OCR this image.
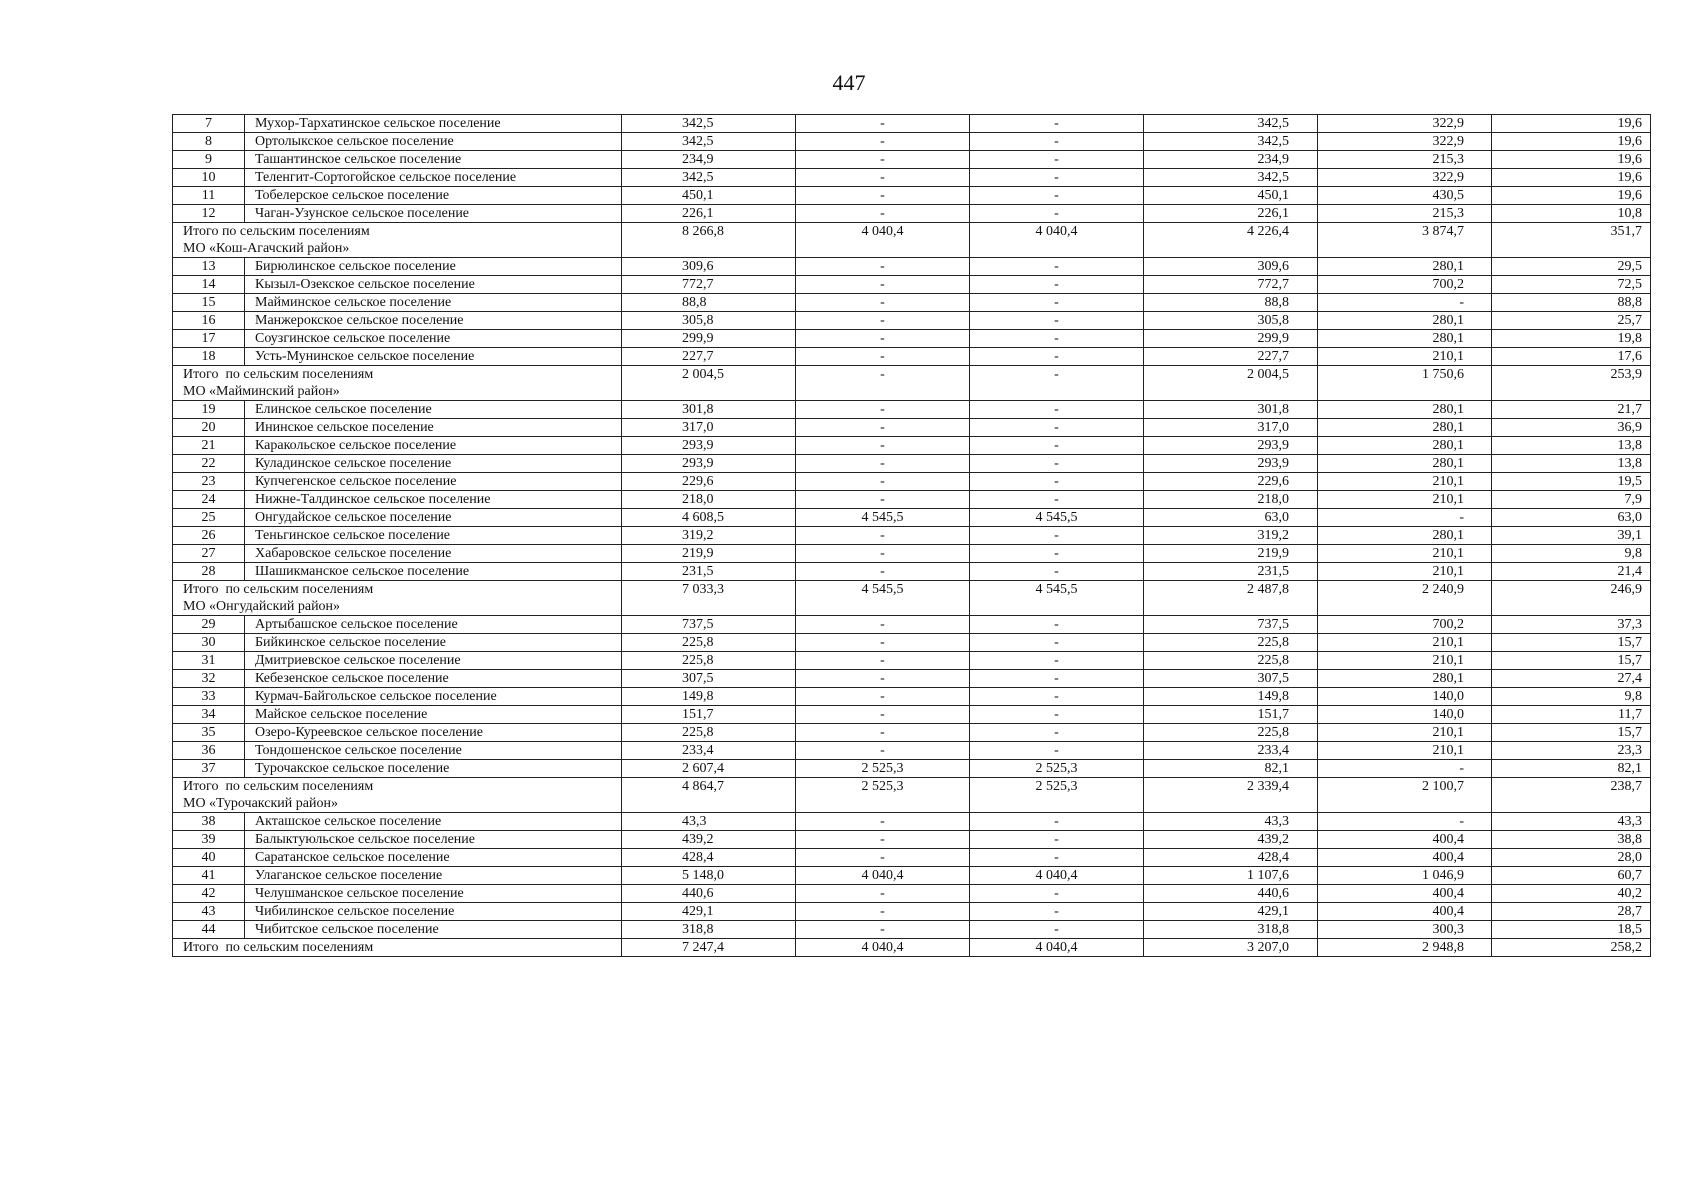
447
7	Мухор-Тархатинское сельское поселение	342,5	-	-	342,5	322,9	19,6
8	Ортолыкское сельское поселение	342,5	-	-	342,5	322,9	19,6
9	Ташантинское сельское поселение	234,9	-	-	234,9	215,3	19,6
10	Теленгит-Сортогойское сельское поселение	342,5	-	-	342,5	322,9	19,6
11	Тобелерское сельское поселение	450,1	-	-	450,1	430,5	19,6
12	Чаган-Узунское сельское поселение	226,1	-	-	226,1	215,3	10,8

Итого по сельским поселениям
МО «Кош-Агачский район»		8 266,8	4 040,4	4 040,4	4 226,4	3 874,7	351,7
13	Бирюлинское сельское поселение	309,6	-	-	309,6	280,1	29,5
14	Кызыл-Озекское сельское поселение	772,7	-	-	772,7	700,2	72,5
15	Майминское сельское поселение	88,8	-	-	88,8	-	88,8
16	Манжерокское сельское поселение	305,8	-	-	305,8	280,1	25,7
17	Соузгинское сельское поселение	299,9	-	-	299,9	280,1	19,8
18	Усть-Мунинское сельское поселение	227,7	-	-	227,7	210,1	17,6

Итого  по сельским поселениям
МО «Майминский район»		2 004,5	-	-	2 004,5	1 750,6	253,9
19	Елинское сельское поселение	301,8	-	-	301,8	280,1	21,7
20	Ининское сельское поселение	317,0	-	-	317,0	280,1	36,9
21	Каракольское сельское поселение	293,9	-	-	293,9	280,1	13,8
22	Куладинское сельское поселение	293,9	-	-	293,9	280,1	13,8
23	Купчегенское сельское поселение	229,6	-	-	229,6	210,1	19,5
24	Нижне-Талдинское сельское поселение	218,0	-	-	218,0	210,1	7,9
25	Онгудайское сельское поселение	4 608,5	4 545,5	4 545,5	63,0	-	63,0
26	Теньгинское сельское поселение	319,2	-	-	319,2	280,1	39,1
27	Хабаровское сельское поселение	219,9	-	-	219,9	210,1	9,8
28	Шашикманское сельское поселение	231,5	-	-	231,5	210,1	21,4

Итого  по сельским поселениям
МО «Онгудайский район»		7 033,3	4 545,5	4 545,5	2 487,8	2 240,9	246,9
29	Артыбашское сельское поселение	737,5	-	-	737,5	700,2	37,3
30	Бийкинское сельское поселение	225,8	-	-	225,8	210,1	15,7
31	Дмитриевское сельское поселение	225,8	-	-	225,8	210,1	15,7
32	Кебезенское сельское поселение	307,5	-	-	307,5	280,1	27,4
33	Курмач-Байгольское сельское поселение	149,8	-	-	149,8	140,0	9,8
34	Майское сельское поселение	151,7	-	-	151,7	140,0	11,7
35	Озеро-Куреевское сельское поселение	225,8	-	-	225,8	210,1	15,7
36	Тондошенское сельское поселение	233,4	-	-	233,4	210,1	23,3
37	Турочакское сельское поселение	2 607,4	2 525,3	2 525,3	82,1	-	82,1

Итого  по сельским поселениям
МО «Турочакский район»		4 864,7	2 525,3	2 525,3	2 339,4	2 100,7	238,7
38	Акташское сельское поселение	43,3	-	-	43,3	-	43,3
39	Балыктуюльское сельское поселение	439,2	-	-	439,2	400,4	38,8
40	Саратанское сельское поселение	428,4	-	-	428,4	400,4	28,0
41	Улаганское сельское поселение	5 148,0	4 040,4	4 040,4	1 107,6	1 046,9	60,7
42	Челушманское сельское поселение	440,6	-	-	440,6	400,4	40,2
43	Чибилинское сельское поселение	429,1	-	-	429,1	400,4	28,7
44	Чибитское сельское поселение	318,8	-	-	318,8	300,3	18,5

Итого  по сельским поселениям		7 247,4	4 040,4	4 040,4	3 207,0	2 948,8	258,2
